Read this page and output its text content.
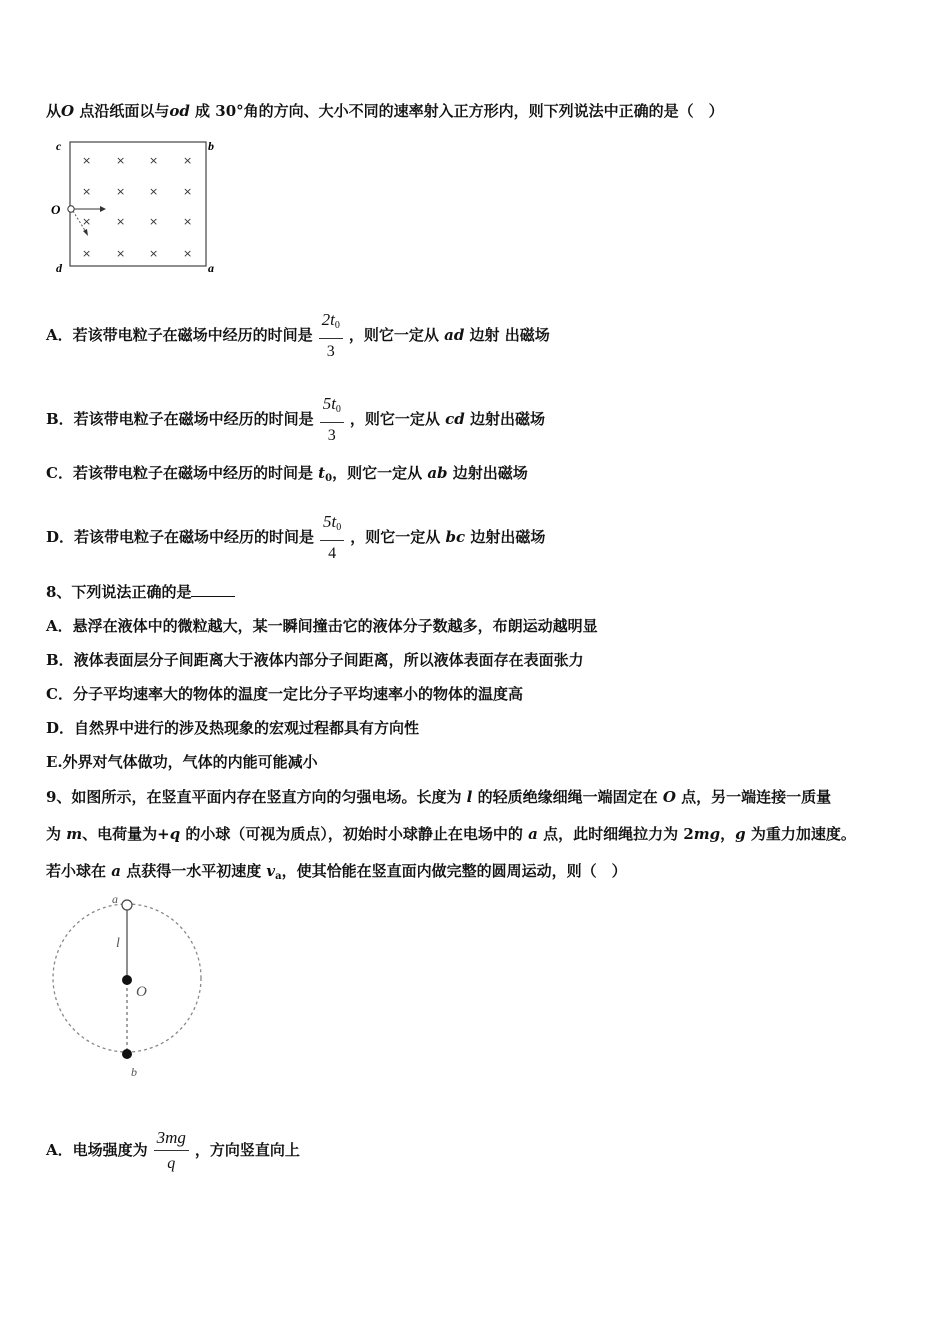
从O 点沿纸面以与od 成 30°角的方向、大小不同的速率射入正方形内，则下列说法中正确的是（　）
c	b
O
d	a
× × × ×
× × × ×
× × × ×
× × × ×
A．若该带电粒子在磁场中经历的时间是 $\frac{2t_0}{3}$ ，则它一定从 ad 边射 出磁场
B．若该带电粒子在磁场中经历的时间是 $\frac{5t_0}{3}$ ，则它一定从 cd 边射出磁场
C．若该带电粒子在磁场中经历的时间是 $t_0$，则它一定从 ab 边射出磁场
D．若该带电粒子在磁场中经历的时间是 $\frac{5t_0}{4}$ ，则它一定从 bc 边射出磁场
8、下列说法正确的是
A．悬浮在液体中的微粒越大，某一瞬间撞击它的液体分子数越多，布朗运动越明显
B．液体表面层分子间距离大于液体内部分子间距离，所以液体表面存在表面张力
C．分子平均速率大的物体的温度一定比分子平均速率小的物体的温度高
D．自然界中进行的涉及热现象的宏观过程都具有方向性
E.外界对气体做功，气体的内能可能减小
9、如图所示，在竖直平面内存在竖直方向的匀强电场。长度为 l 的轻质绝缘细绳一端固定在 O 点，另一端连接一质量
为 m、电荷量为+q 的小球（可视为质点），初始时小球静止在电场中的 a 点，此时细绳拉力为 2mg，g 为重力加速度。
若小球在 a 点获得一水平初速度 $v_a$，使其恰能在竖直面内做完整的圆周运动，则（　）
a
l
O
b
A．电场强度为 $\frac{3mg}{q}$ ，方向竖直向上
